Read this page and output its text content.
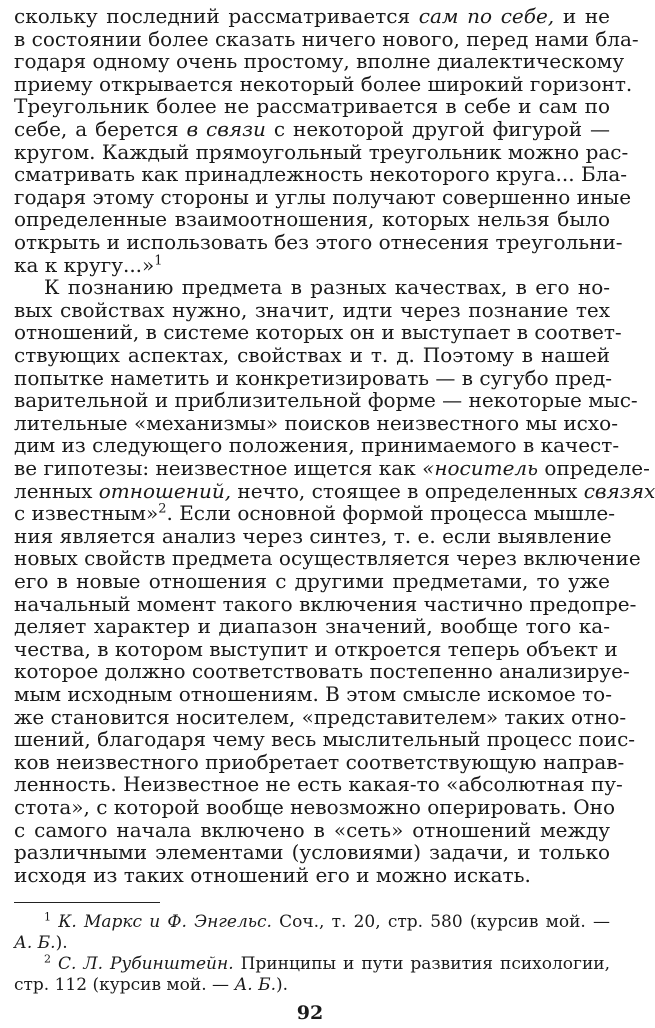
скольку последний рассматривается сам по себе, и не
в состоянии более сказать ничего нового, перед нами бла-
годаря одному очень простому, вполне диалектическому
приему открывается некоторый более широкий горизонт.
Треугольник более не рассматривается в себе и сам по
себе, а берется в связи с некоторой другой фигурой —
кругом. Каждый прямоугольный треугольник можно рас-
сматривать как принадлежность некоторого круга... Бла-
годаря этому стороны и углы получают совершенно иные
определенные взаимоотношения, которых нельзя было
открыть и использовать без этого отнесения треугольни-
ка к кругу...»$^1$
К познанию предмета в разных качествах, в его но-
вых свойствах нужно, значит, идти через познание тех
отношений, в системе которых он и выступает в соответ-
ствующих аспектах, свойствах и т. д. Поэтому в нашей
попытке наметить и конкретизировать — в сугубо пред-
варительной и приблизительной форме — некоторые мыс-
лительные «механизмы» поисков неизвестного мы исхо-
дим из следующего положения, принимаемого в качест-
ве гипотезы: неизвестное ищется как «носитель определе-
ленных отношений, нечто, стоящее в определенных связях
с известным»$^2$. Если основной формой процесса мышле-
ния является анализ через синтез, т. е. если выявление
новых свойств предмета осуществляется через включение
его в новые отношения с другими предметами, то уже
начальный момент такого включения частично предопре-
деляет характер и диапазон значений, вообще того ка-
чества, в котором выступит и откроется теперь объект и
которое должно соответствовать постепенно анализируе-
мым исходным отношениям. В этом смысле искомое то-
же становится носителем, «представителем» таких отно-
шений, благодаря чему весь мыслительный процесс поис-
ков неизвестного приобретает соответствующую направ-
ленность. Неизвестное не есть какая-то «абсолютная пу-
стота», с которой вообще невозможно оперировать. Оно
с самого начала включено в «сеть» отношений между
различными элементами (условиями) задачи, и только
исходя из таких отношений его и можно искать.
$^1$ К. Маркс и Ф. Энгельс. Соч., т. 20, стр. 580 (курсив мой. —
А. Б.).
$^2$ С. Л. Рубинштейн. Принципы и пути развития психологии,
стр. 112 (курсив мой. — А. Б.).
92
